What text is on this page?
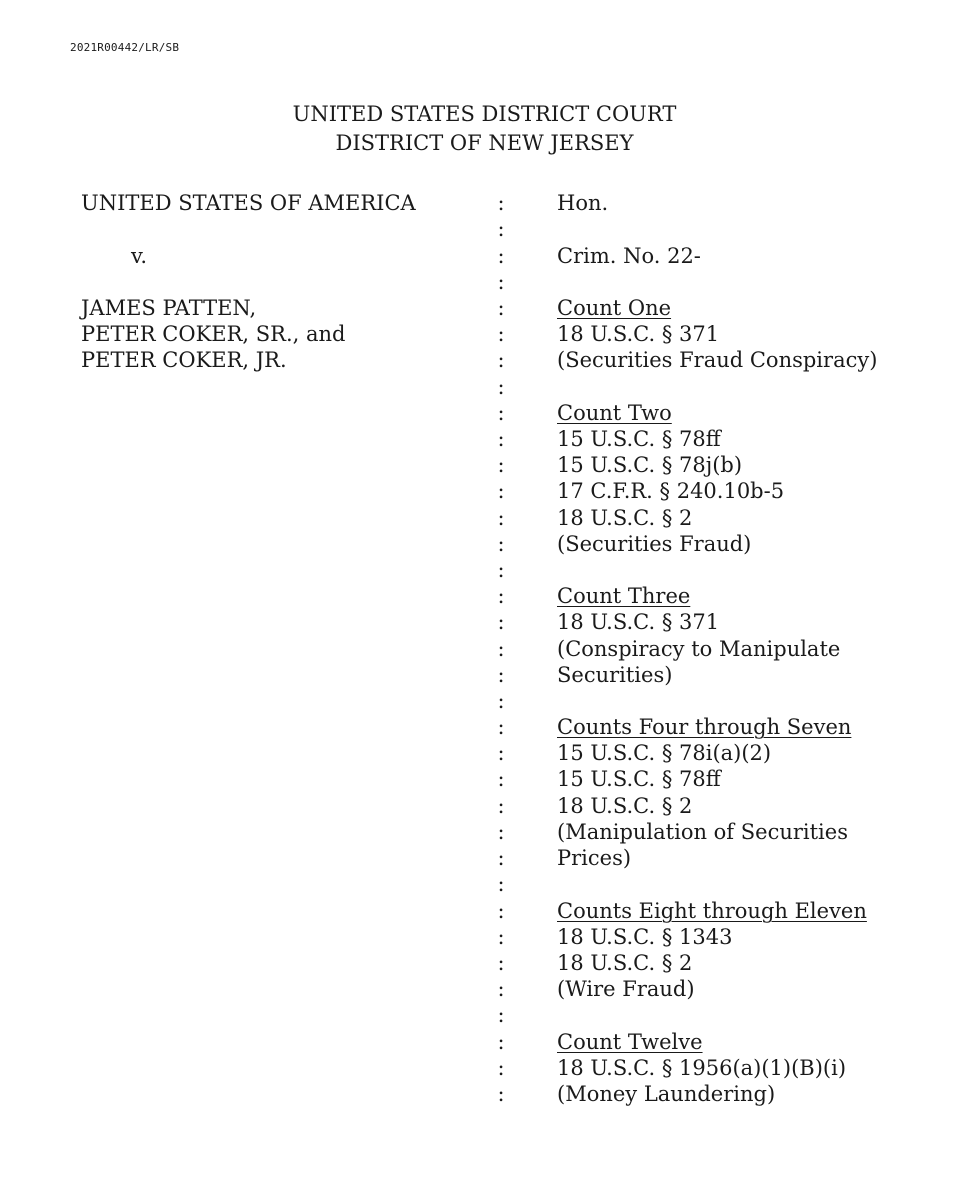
2021R00442/LR/SB
UNITED STATES DISTRICT COURT
DISTRICT OF NEW JERSEY
UNITED STATES OF AMERICA
v.
JAMES PATTEN,
PETER COKER, SR., and
PETER COKER, JR.
Hon.
Crim. No. 22-
Count One
18 U.S.C. § 371
(Securities Fraud Conspiracy)
Count Two
15 U.S.C. § 78ff
15 U.S.C. § 78j(b)
17 C.F.R. § 240.10b-5
18 U.S.C. § 2
(Securities Fraud)
Count Three
18 U.S.C. § 371
(Conspiracy to Manipulate
Securities)
Counts Four through Seven
15 U.S.C. § 78i(a)(2)
15 U.S.C. § 78ff
18 U.S.C. § 2
(Manipulation of Securities
Prices)
Counts Eight through Eleven
18 U.S.C. § 1343
18 U.S.C. § 2
(Wire Fraud)
Count Twelve
18 U.S.C. § 1956(a)(1)(B)(i)
(Money Laundering)
:
:
:
:
:
:
:
:
:
:
:
:
:
:
:
:
:
:
:
:
:
:
:
:
:
:
:
:
:
:
:
:
:
:
:
